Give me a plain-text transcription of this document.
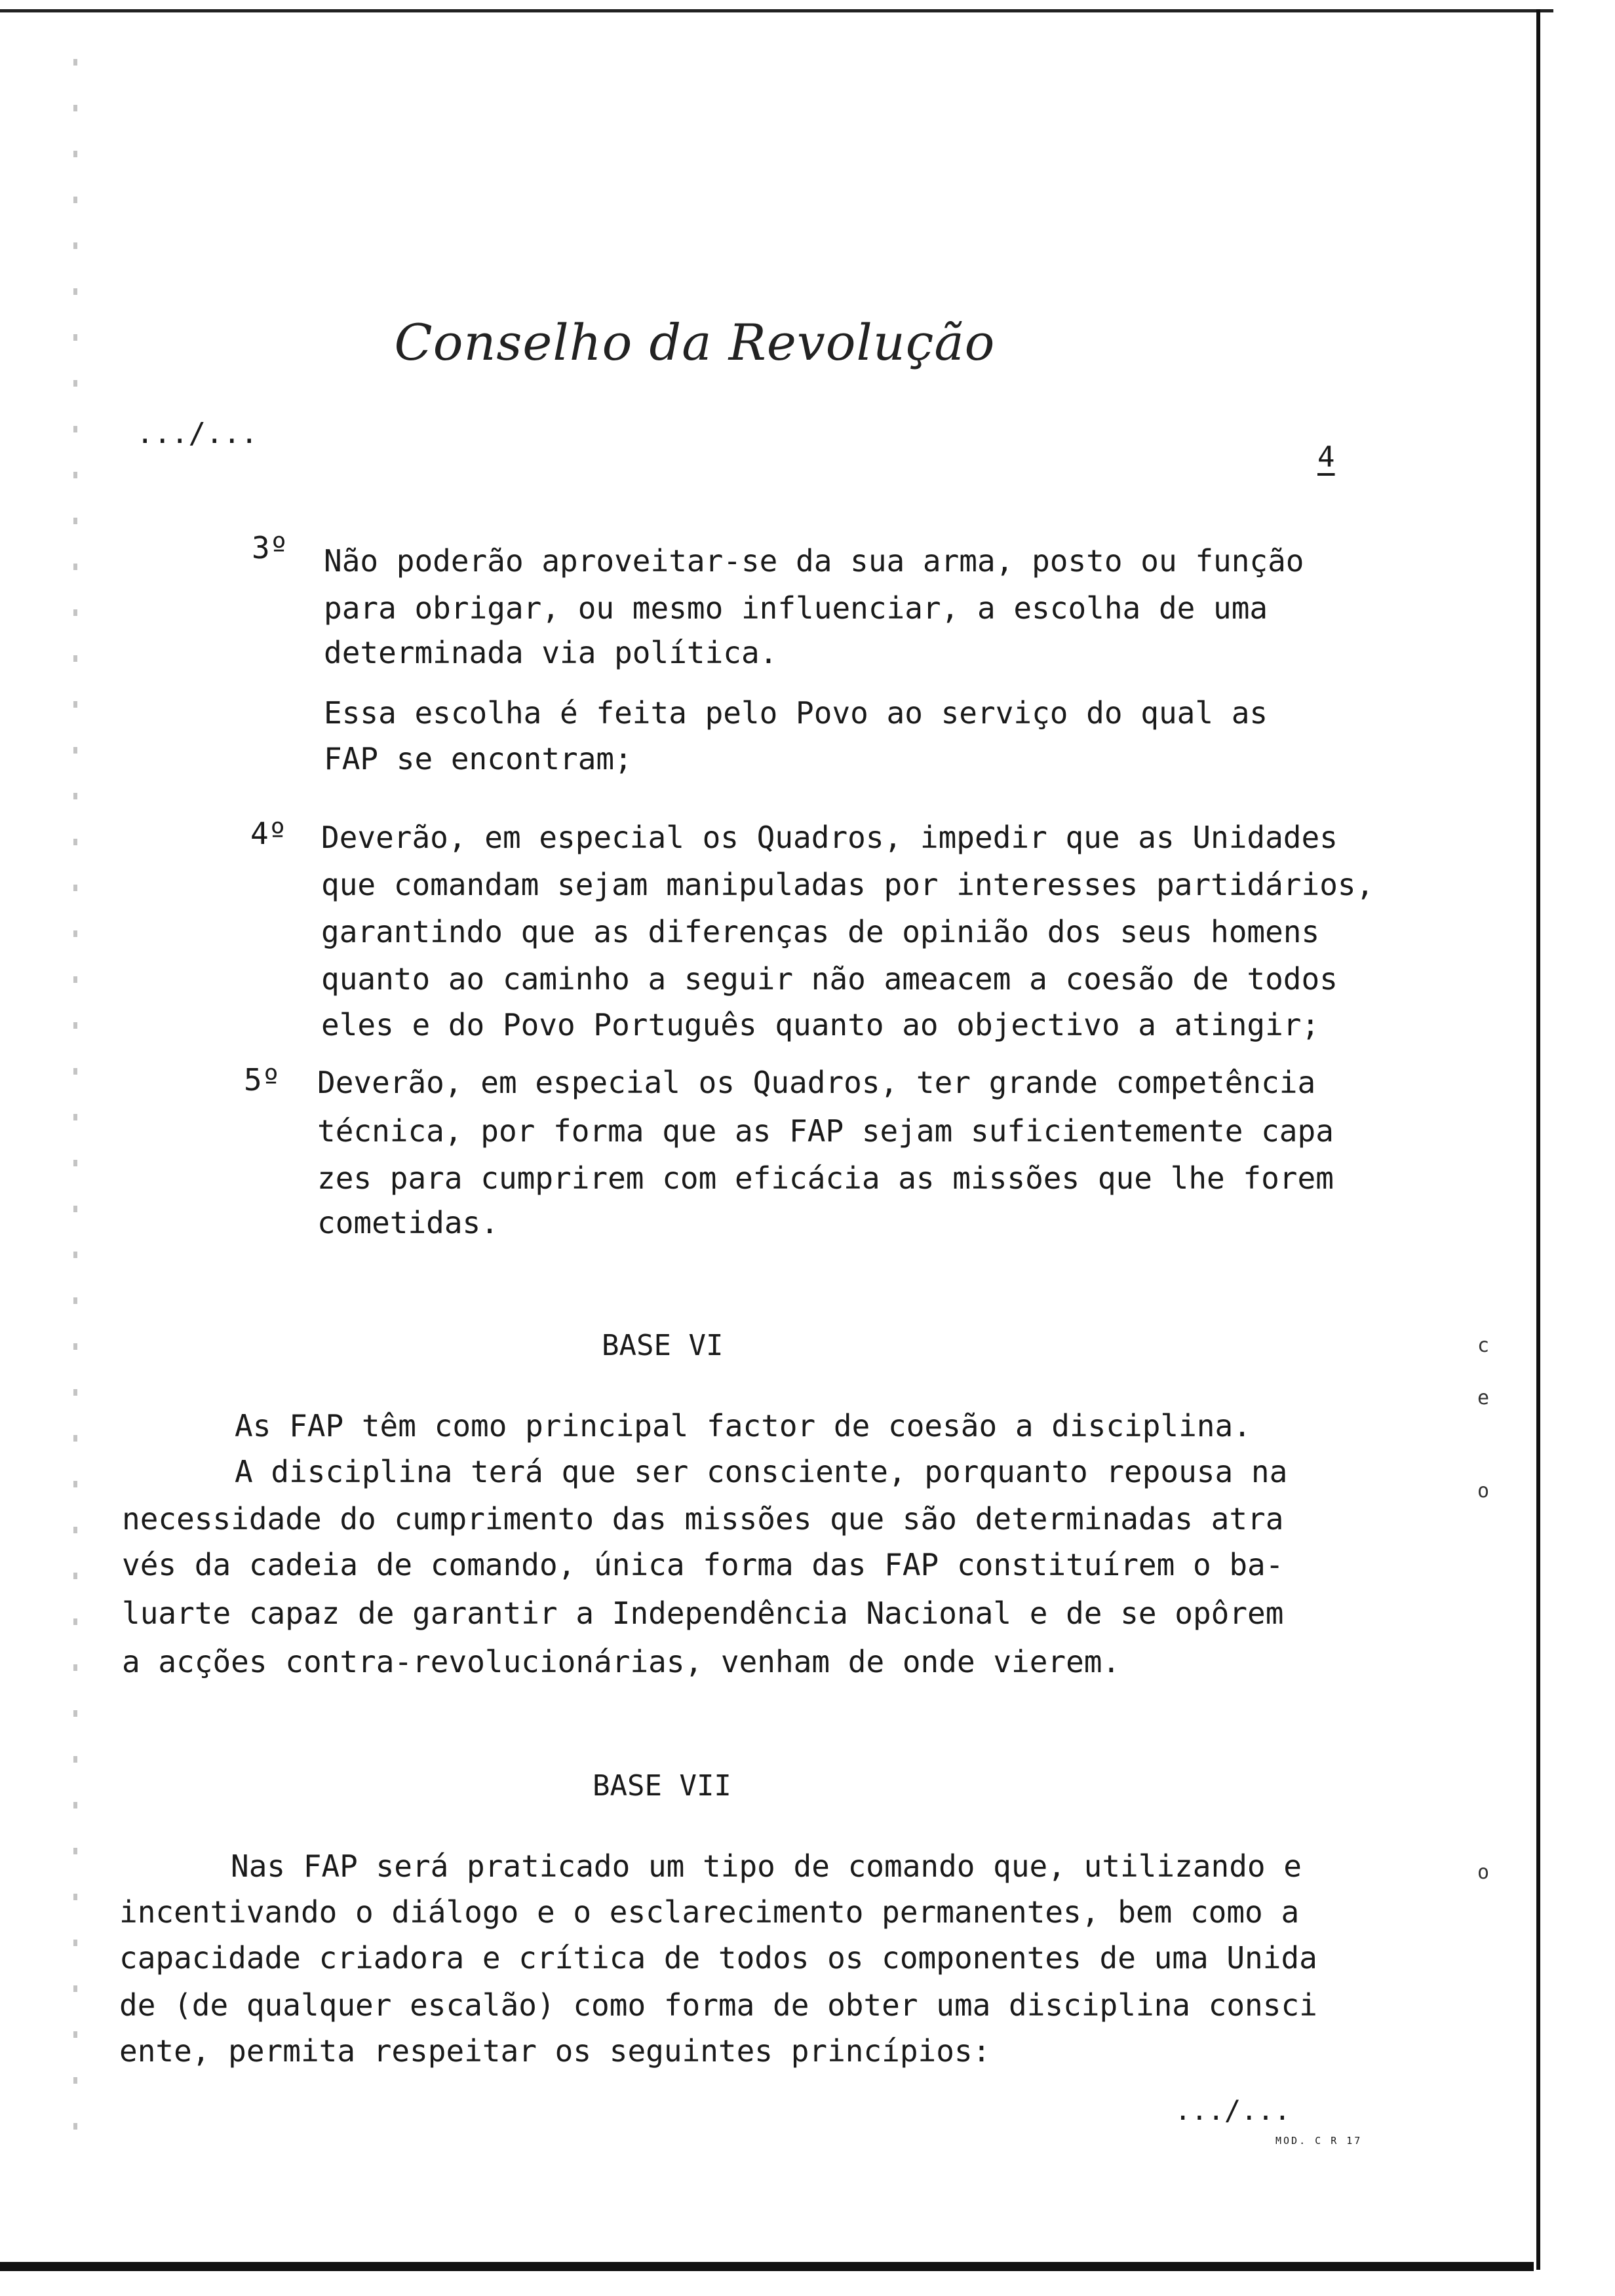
Conselho da Revolução
.../...
4
3º Não poderão aproveitar-se da sua arma, posto ou função
para obrigar, ou mesmo influenciar, a escolha de uma
determinada via política.
Essa escolha é feita pelo Povo ao serviço do qual as
FAP se encontram;
4º Deverão, em especial os Quadros, impedir que as Unidades
que comandam sejam manipuladas por interesses partidários,
garantindo que as diferenças de opinião dos seus homens
quanto ao caminho a seguir não ameacem a coesão de todos
eles e do Povo Português quanto ao objectivo a atingir;
5º Deverão, em especial os Quadros, ter grande competência
técnica, por forma que as FAP sejam suficientemente capa
zes para cumprirem com eficácia as missões que lhe forem
cometidas.
BASE VI
As FAP têm como principal factor de coesão a disciplina.
A disciplina terá que ser consciente, porquanto repousa na
necessidade do cumprimento das missões que são determinadas atra
vés da cadeia de comando, única forma das FAP constituírem o ba-
luarte capaz de garantir a Independência Nacional e de se opôrem
a acções contra-revolucionárias, venham de onde vierem.
BASE VII
Nas FAP será praticado um tipo de comando que, utilizando e
incentivando o diálogo e o esclarecimento permanentes, bem como a
capacidade criadora e crítica de todos os componentes de uma Unida
de (de qualquer escalão) como forma de obter uma disciplina consci
ente, permita respeitar os seguintes princípios:
.../...
MOD. C R 17
c
e
o
o
